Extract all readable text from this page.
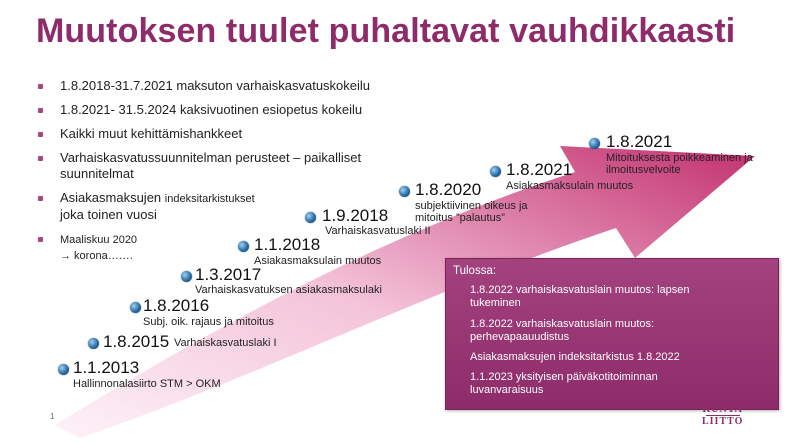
Muutoksen tuulet puhaltavat vauhdikkaasti
1.8.2018-31.7.2021 maksuton varhaiskasvatuskokeilu
1.8.2021- 31.5.2024 kaksivuotinen esiopetus kokeilu
Kaikki muut kehittämishankkeet
Varhaiskasvatussuunnitelman perusteet – paikalliset
suunnitelmat
Asiakasmaksujen indeksitarkistukset
joka toinen vuosi
Maaliskuu 2020
→ korona…….
1.1.2013
Hallinnonalasiirto STM > OKM
1.8.2015 Varhaiskasvatuslaki I
1.8.2016
Subj. oik. rajaus ja mitoitus
1.3.2017
Varhaiskasvatuksen asiakasmaksulaki
1.1.2018
Asiakasmaksulain muutos
1.9.2018
Varhaiskasvatuslaki II
1.8.2020
subjektiivinen oikeus ja
mitoitus ”palautus”
1.8.2021
Asiakasmaksulain muutos
1.8.2021
Mitoituksesta poikkeaminen ja
ilmoitusvelvoite
Tulossa:
1.8.2022 varhaiskasvatuslain muutos: lapsen
tukeminen
1.8.2022 varhaiskasvatuslain muutos:
perhevapaauudistus
Asiakasmaksujen indeksitarkistus 1.8.2022
1.1.2023 yksityisen päiväkotitoiminnan
luvanvaraisuus
1
KUNTA
LIITTO
